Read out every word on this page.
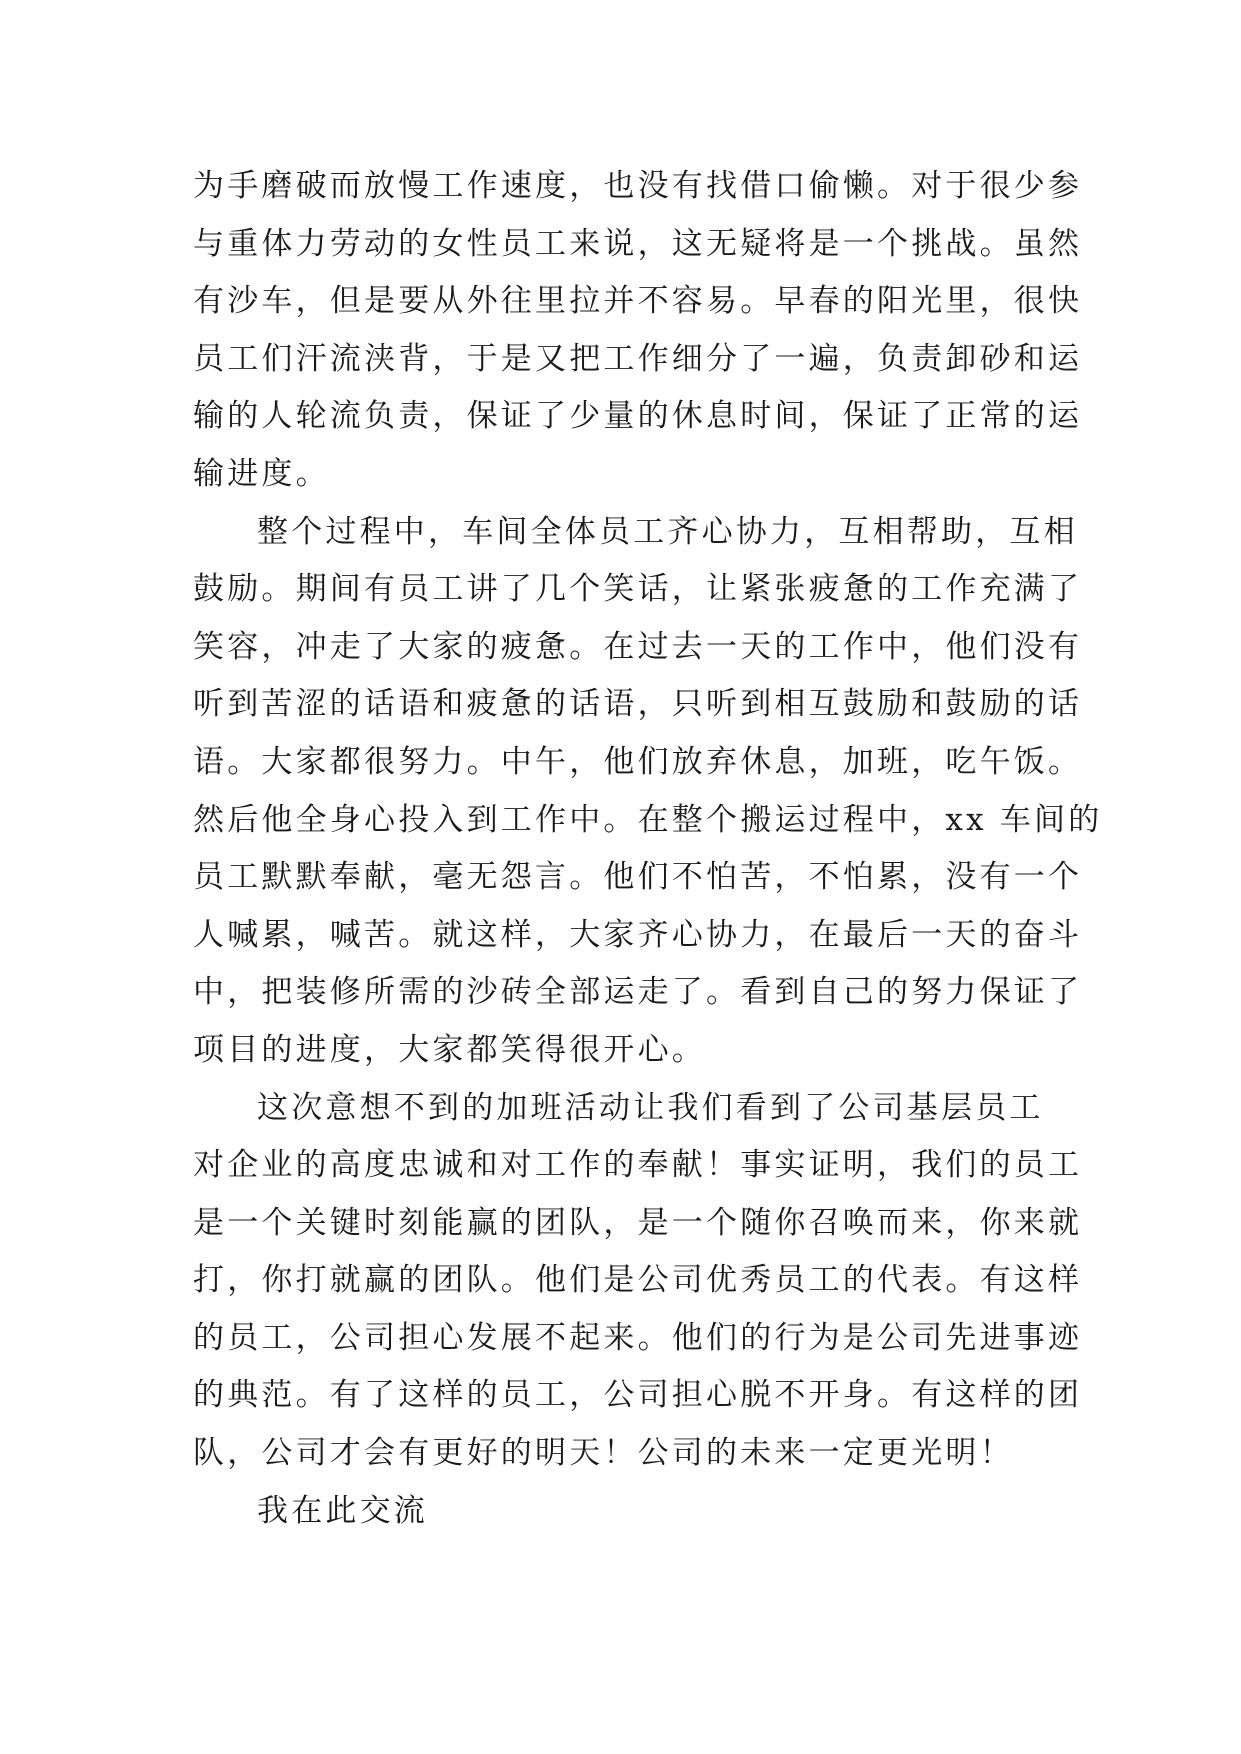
为手磨破而放慢工作速度，也没有找借口偷懒。对于很少参
与重体力劳动的女性员工来说，这无疑将是一个挑战。虽然
有沙车，但是要从外往里拉并不容易。早春的阳光里，很快
员工们汗流浃背，于是又把工作细分了一遍，负责卸砂和运
输的人轮流负责，保证了少量的休息时间，保证了正常的运
输进度。
整个过程中，车间全体员工齐心协力，互相帮助，互相
鼓励。期间有员工讲了几个笑话，让紧张疲惫的工作充满了
笑容，冲走了大家的疲惫。在过去一天的工作中，他们没有
听到苦涩的话语和疲惫的话语，只听到相互鼓励和鼓励的话
语。大家都很努力。中午，他们放弃休息，加班，吃午饭。
然后他全身心投入到工作中。在整个搬运过程中，xx 车间的
员工默默奉献，毫无怨言。他们不怕苦，不怕累，没有一个
人喊累，喊苦。就这样，大家齐心协力，在最后一天的奋斗
中，把装修所需的沙砖全部运走了。看到自己的努力保证了
项目的进度，大家都笑得很开心。
这次意想不到的加班活动让我们看到了公司基层员工
对企业的高度忠诚和对工作的奉献！事实证明，我们的员工
是一个关键时刻能赢的团队，是一个随你召唤而来，你来就
打，你打就赢的团队。他们是公司优秀员工的代表。有这样
的员工，公司担心发展不起来。他们的行为是公司先进事迹
的典范。有了这样的员工，公司担心脱不开身。有这样的团
队，公司才会有更好的明天！公司的未来一定更光明！
我在此交流
